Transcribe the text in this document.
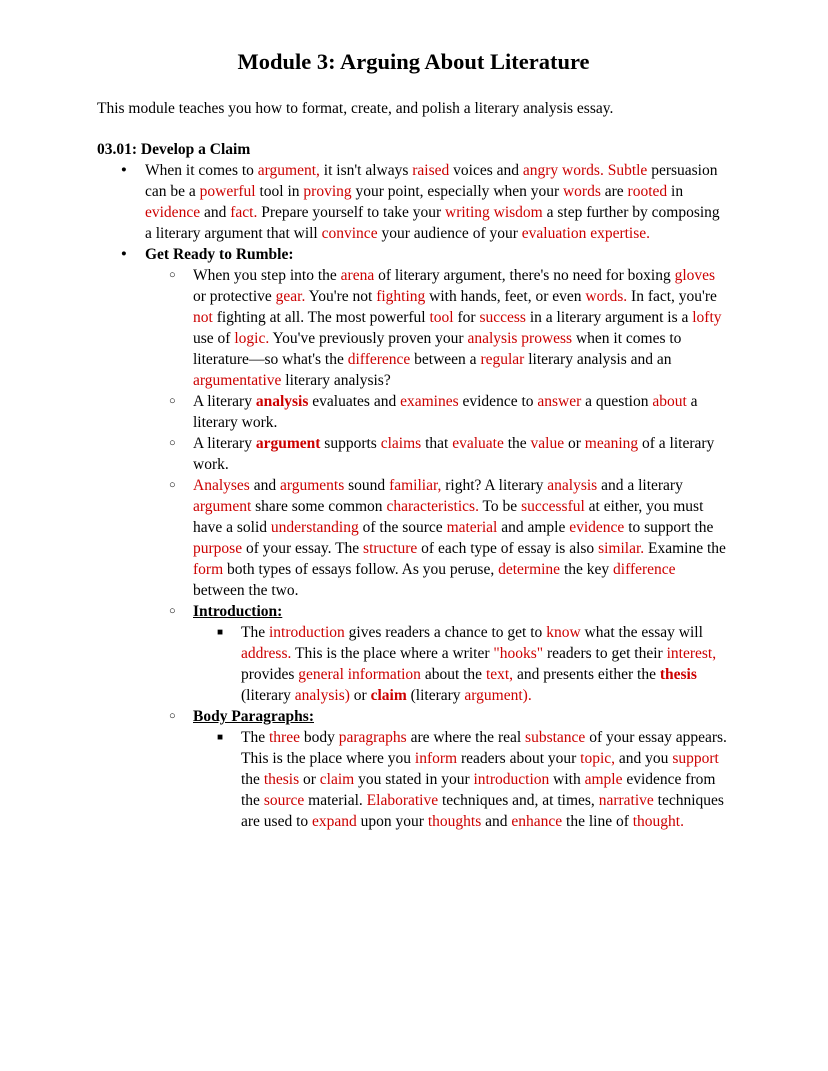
Module 3: Arguing About Literature

This module teaches you how to format, create, and polish a literary analysis essay.

03.01: Develop a Claim
●	When it comes to argument, it isn't always raised voices and angry words. Subtle persuasion can be a powerful tool in proving your point, especially when your words are rooted in evidence and fact. Prepare yourself to take your writing wisdom a step further by composing a literary argument that will convince your audience of your evaluation expertise.
●	Get Ready to Rumble:
○	When you step into the arena of literary argument, there's no need for boxing gloves or protective gear. You're not fighting with hands, feet, or even words. In fact, you're not fighting at all. The most powerful tool for success in a literary argument is a lofty use of logic. You've previously proven your analysis prowess when it comes to literature—so what's the difference between a regular literary analysis and an argumentative literary analysis?
○	A literary analysis evaluates and examines evidence to answer a question about a literary work.
○	A literary argument supports claims that evaluate the value or meaning of a literary work.
○	Analyses and arguments sound familiar, right? A literary analysis and a literary argument share some common characteristics. To be successful at either, you must have a solid understanding of the source material and ample evidence to support the purpose of your essay. The structure of each type of essay is also similar. Examine the form both types of essays follow. As you peruse, determine the key difference between the two.
○	Introduction:
■	The introduction gives readers a chance to get to know what the essay will address. This is the place where a writer "hooks" readers to get their interest, provides general information about the text, and presents either the thesis (literary analysis) or claim (literary argument).
○	Body Paragraphs:
■	The three body paragraphs are where the real substance of your essay appears. This is the place where you inform readers about your topic, and you support the thesis or claim you stated in your introduction with ample evidence from the source material. Elaborative techniques and, at times, narrative techniques are used to expand upon your thoughts and enhance the line of thought.
